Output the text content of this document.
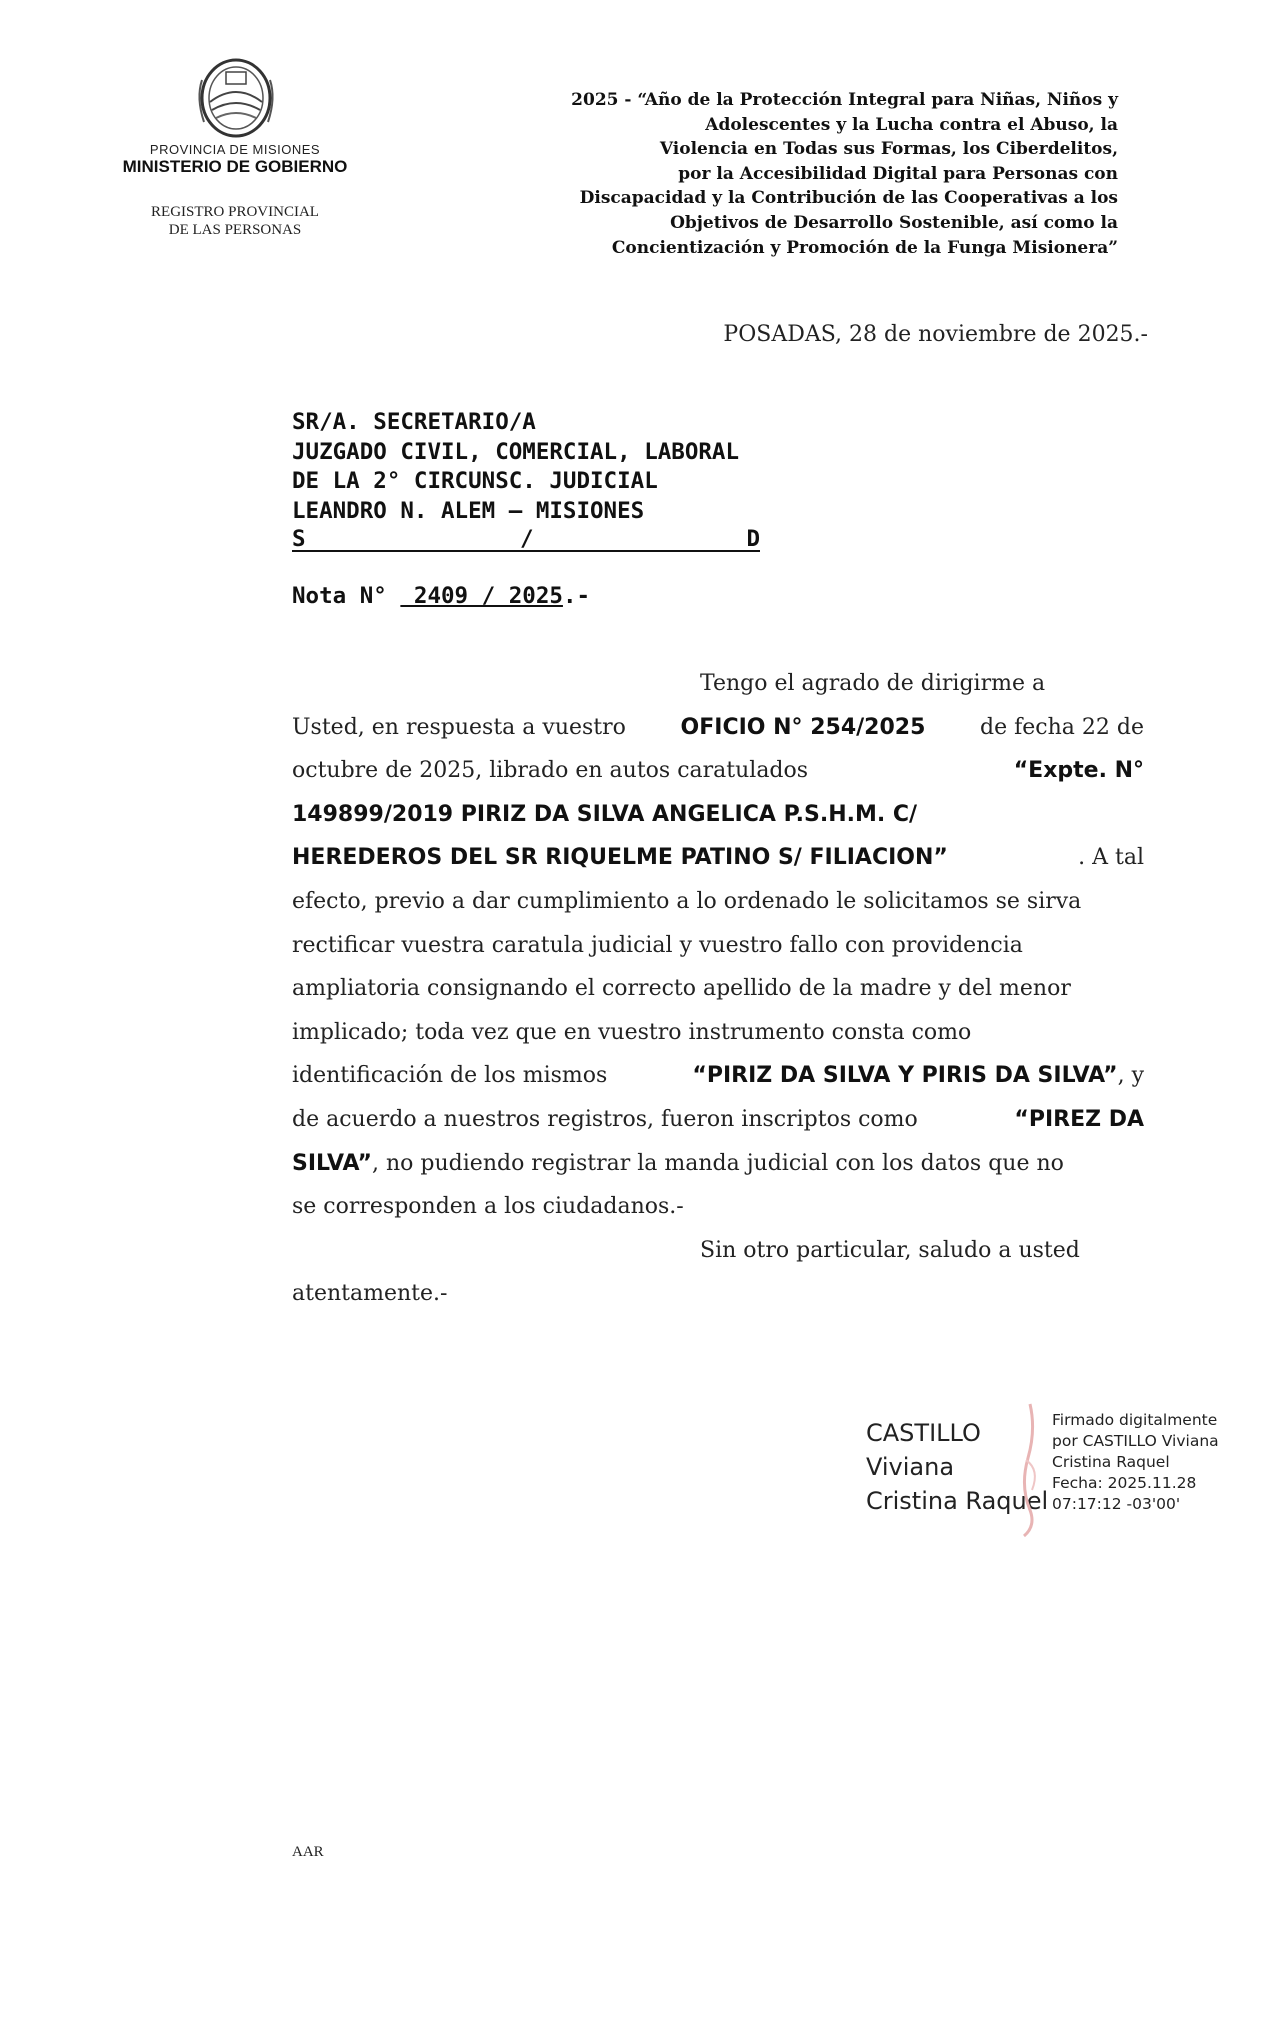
PROVINCIA DE MISIONES
MINISTERIO DE GOBIERNO
REGISTRO PROVINCIAL
DE LAS PERSONAS
2025 - “Año de la Protección Integral para Niñas, Niños y
Adolescentes y la Lucha contra el Abuso, la
Violencia en Todas sus Formas, los Ciberdelitos,
por la Accesibilidad Digital para Personas con
Discapacidad y la Contribución de las Cooperativas a los
Objetivos de Desarrollo Sostenible, así como la
Concientización y Promoción de la Funga Misionera”
POSADAS, 28 de noviembre de 2025.-
SR/A. SECRETARIO/A
JUZGADO CIVIL, COMERCIAL, LABORAL
DE LA 2° CIRCUNSC. JUDICIAL
LEANDRO N. ALEM – MISIONES
S	/	D
Nota N°  2409 / 2025.-
Tengo el agrado de dirigirme a
Usted, en respuesta a vuestro OFICIO N° 254/2025 de fecha 22 de
octubre de 2025, librado en autos caratulados	“Expte. N°
149899/2019 PIRIZ DA SILVA ANGELICA P.S.H.M. C/
HEREDEROS DEL SR RIQUELME PATINO S/ FILIACION”	. A tal
efecto, previo a dar cumplimiento a lo ordenado le solicitamos se sirva
rectificar vuestra caratula judicial y vuestro fallo con providencia
ampliatoria consignando el correcto apellido de la madre y del menor
implicado; toda vez que en vuestro instrumento consta como
identificación de los mismos	“PIRIZ DA SILVA Y PIRIS DA SILVA”, y
de acuerdo a nuestros registros, fueron inscriptos como	“PIREZ DA
SILVA” , no pudiendo registrar la manda judicial con los datos que no
se corresponden a los ciudadanos.-
Sin otro particular, saludo a usted
atentamente.-
CASTILLO
Viviana
Cristina Raquel
Firmado digitalmente
por CASTILLO Viviana
Cristina Raquel
Fecha: 2025.11.28
07:17:12 -03'00'
AAR
